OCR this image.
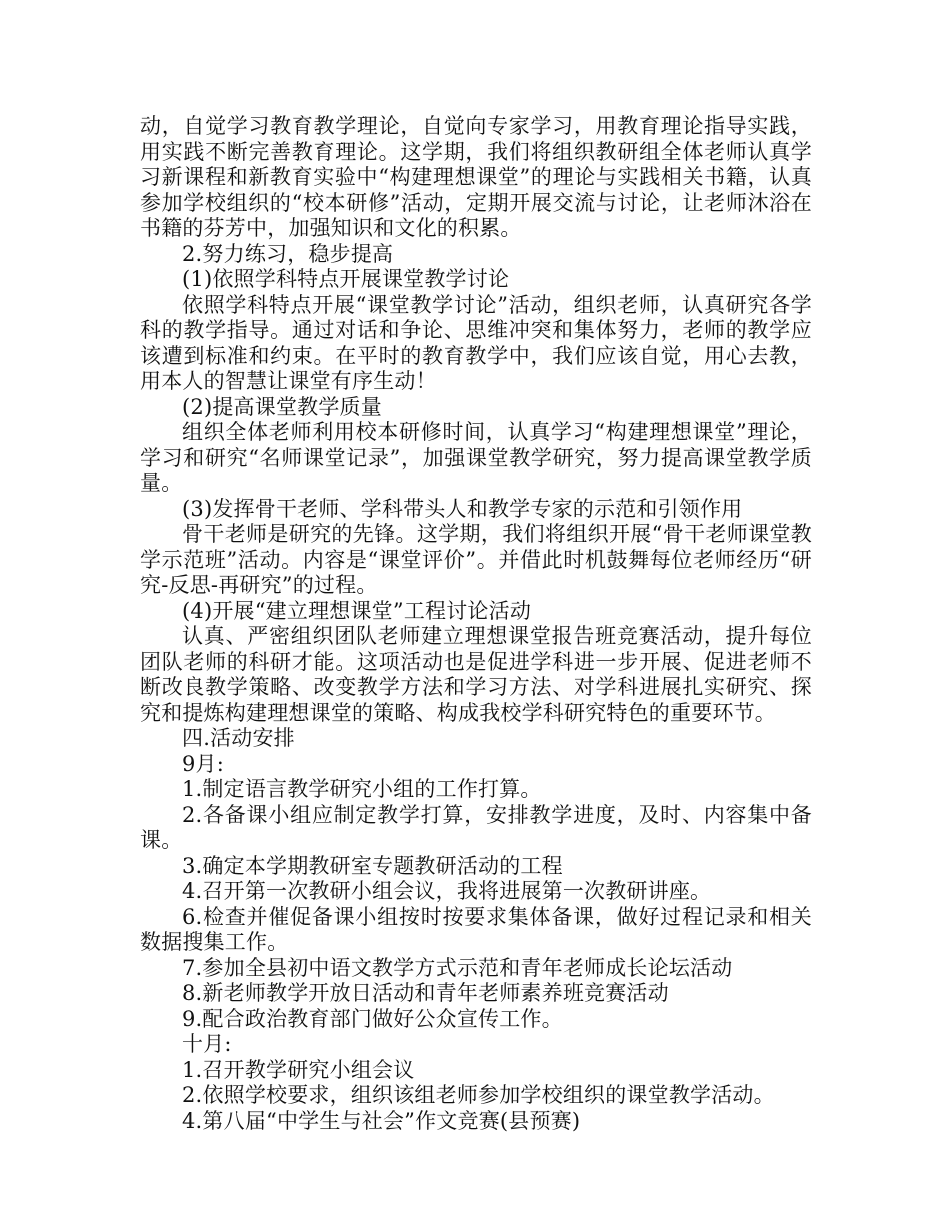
动，自觉学习教育教学理论，自觉向专家学习，用教育理论指导实践，用实践不断完善教育理论。这学期，我们将组织教研组全体老师认真学习新课程和新教育实验中“构建理想课堂”的理论与实践相关书籍，认真参加学校组织的“校本研修”活动，定期开展交流与讨论，让老师沐浴在书籍的芬芳中，加强知识和文化的积累。

2.努力练习，稳步提高

(1)依照学科特点开展课堂教学讨论

依照学科特点开展“课堂教学讨论”活动，组织老师，认真研究各学科的教学指导。通过对话和争论、思维冲突和集体努力，老师的教学应该遭到标准和约束。在平时的教育教学中，我们应该自觉，用心去教，用本人的智慧让课堂有序生动！

(2)提高课堂教学质量

组织全体老师利用校本研修时间，认真学习“构建理想课堂”理论，学习和研究“名师课堂记录”，加强课堂教学研究，努力提高课堂教学质量。

(3)发挥骨干老师、学科带头人和教学专家的示范和引领作用

骨干老师是研究的先锋。这学期，我们将组织开展“骨干老师课堂教学示范班”活动。内容是“课堂评价”。并借此时机鼓舞每位老师经历“研究-反思-再研究”的过程。

(4)开展“建立理想课堂”工程讨论活动

认真、严密组织团队老师建立理想课堂报告班竞赛活动，提升每位团队老师的科研才能。这项活动也是促进学科进一步开展、促进老师不断改良教学策略、改变教学方法和学习方法、对学科进展扎实研究、探究和提炼构建理想课堂的策略、构成我校学科研究特色的重要环节。

四.活动安排

9月:

1.制定语言教学研究小组的工作打算。

2.各备课小组应制定教学打算，安排教学进度，及时、内容集中备课。

3.确定本学期教研室专题教研活动的工程

4.召开第一次教研小组会议，我将进展第一次教研讲座。

6.检查并催促备课小组按时按要求集体备课，做好过程记录和相关数据搜集工作。

7.参加全县初中语文教学方式示范和青年老师成长论坛活动

8.新老师教学开放日活动和青年老师素养班竞赛活动

9.配合政治教育部门做好公众宣传工作。

十月:

1.召开教学研究小组会议

2.依照学校要求，组织该组老师参加学校组织的课堂教学活动。

4.第八届“中学生与社会”作文竞赛(县预赛)
